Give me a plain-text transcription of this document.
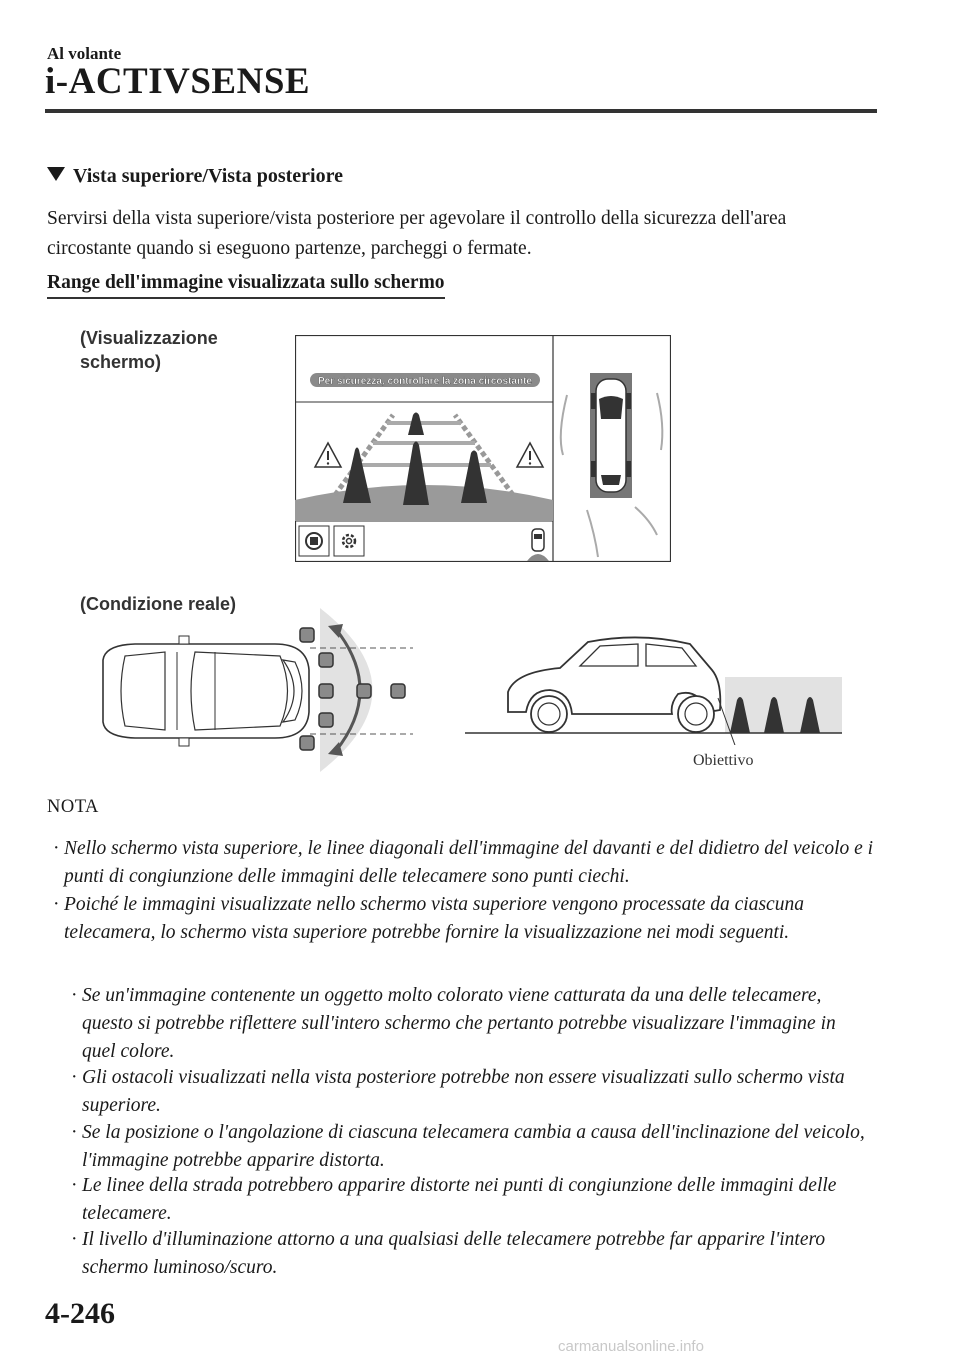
Al volante
i-ACTIVSENSE
Vista superiore/Vista posteriore
Servirsi della vista superiore/vista posteriore per agevolare il controllo della sicurezza dell'area circostante quando si eseguono partenze, parcheggi o fermate.
Range dell'immagine visualizzata sullo schermo
(Visualizzazione schermo)
Per sicurezza, controllare la zona circostante
(Condizione reale)
Obiettivo
NOTA
· Nello schermo vista superiore, le linee diagonali dell'immagine del davanti e del didietro del veicolo e i punti di congiunzione delle immagini delle telecamere sono punti ciechi.
· Poiché le immagini visualizzate nello schermo vista superiore vengono processate da ciascuna telecamera, lo schermo vista superiore potrebbe fornire la visualizzazione nei modi seguenti.
· Se un'immagine contenente un oggetto molto colorato viene catturata da una delle telecamere, questo si potrebbe riflettere sull'intero schermo che pertanto potrebbe visualizzare l'immagine in quel colore.
· Gli ostacoli visualizzati nella vista posteriore potrebbe non essere visualizzati sullo schermo vista superiore.
· Se la posizione o l'angolazione di ciascuna telecamera cambia a causa dell'inclinazione del veicolo, l'immagine potrebbe apparire distorta.
· Le linee della strada potrebbero apparire distorte nei punti di congiunzione delle immagini delle telecamere.
· Il livello d'illuminazione attorno a una qualsiasi delle telecamere potrebbe far apparire l'intero schermo luminoso/scuro.
4-246
carmanualsonline.info
